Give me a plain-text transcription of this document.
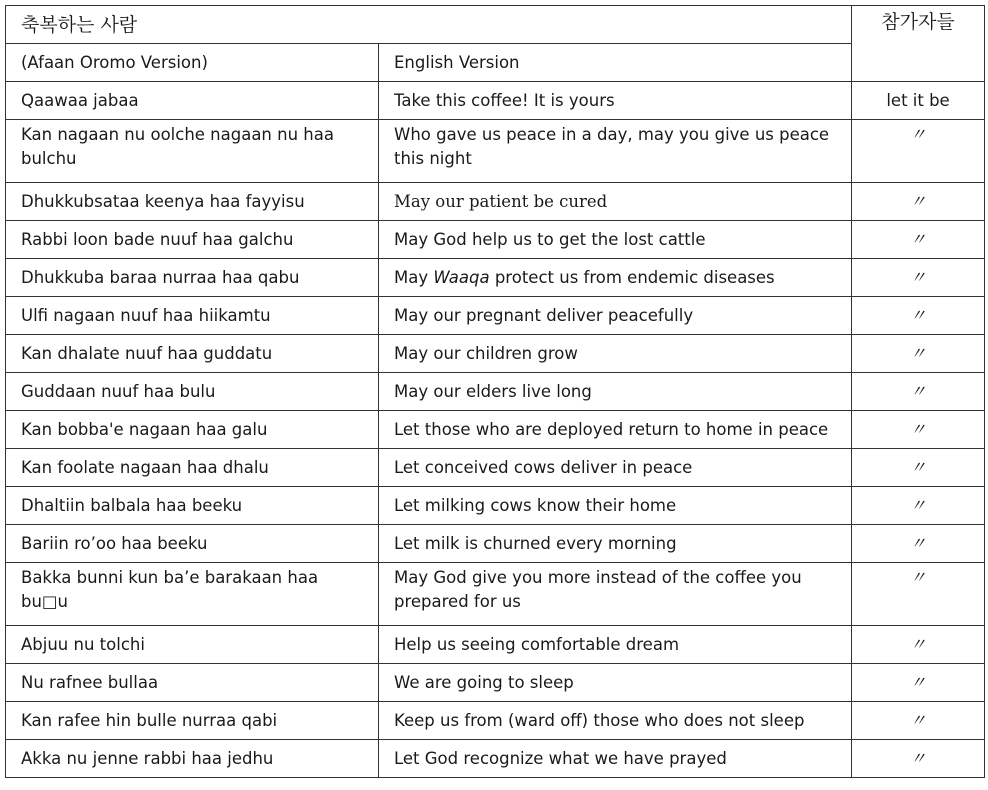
축복하는 사람		참가자들
(Afaan Oromo Version)	English Version	
Qaawaa jabaa	Take this coffee! It is yours	let it be
Kan nagaan nu oolche nagaan nu haa bulchu	Who gave us peace in a day, may you give us peace this night	〃
Dhukkubsataa keenya haa fayyisu	May our patient be cured	〃
Rabbi loon bade nuuf haa galchu	May God help us to get the lost cattle	〃
Dhukkuba baraa nurraa haa qabu	May Waaqa protect us from endemic diseases	〃
Ulfi nagaan nuuf haa hiikamtu	May our pregnant deliver peacefully	〃
Kan dhalate nuuf haa guddatu	May our children grow	〃
Guddaan nuuf haa bulu	May our elders live long	〃
Kan bobba'e nagaan haa galu	Let those who are deployed return to home in peace	〃
Kan foolate nagaan haa dhalu	Let conceived cows deliver in peace	〃
Dhaltiin balbala haa beeku	Let milking cows know their home	〃
Bariin ro’oo haa beeku	Let milk is churned every morning	〃
Bakka bunni kun ba’e barakaan haa bu□u	May God give you more instead of the coffee you prepared for us	〃
Abjuu nu tolchi	Help us seeing comfortable dream	〃
Nu rafnee bullaa	We are going to sleep	〃
Kan rafee hin bulle nurraa qabi	Keep us from (ward off) those who does not sleep	〃
Akka nu jenne rabbi haa jedhu	Let God recognize what we have prayed	〃
